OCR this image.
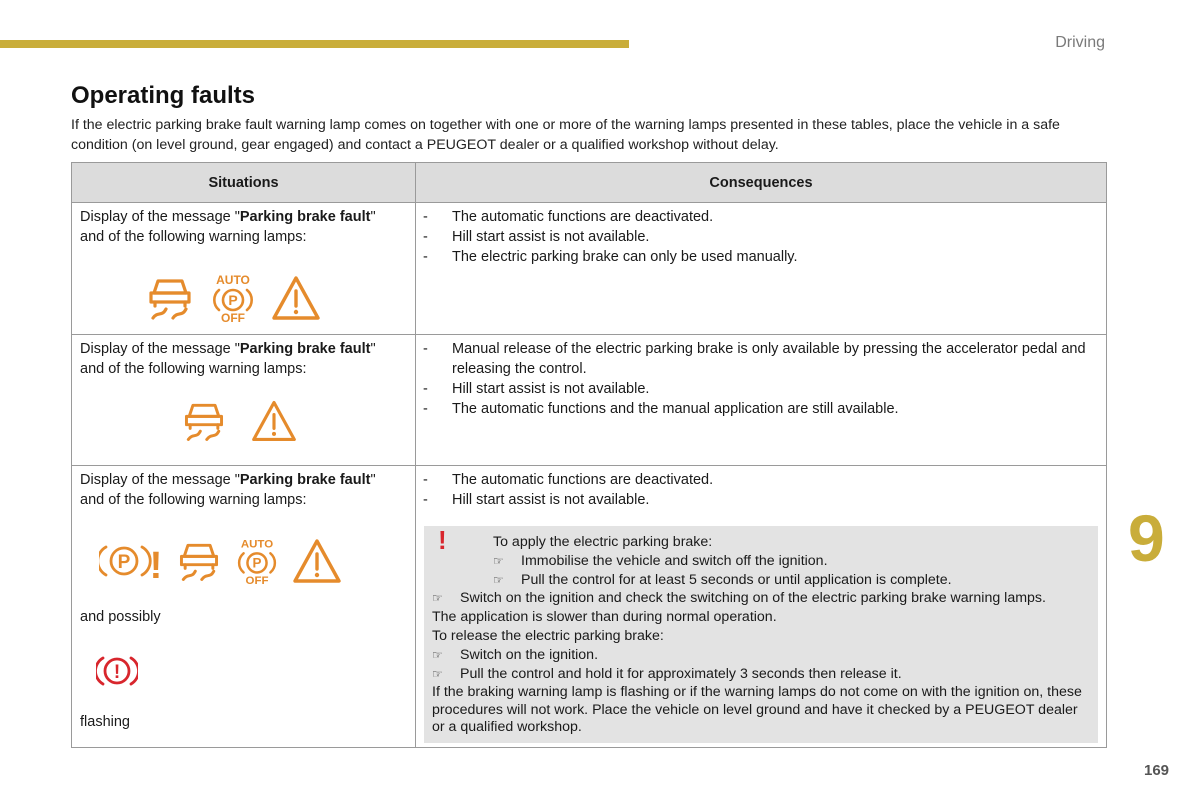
Driving
Operating faults

If the electric parking brake fault warning lamp comes on together with one or more of the warning lamps presented in these tables, place the vehicle in a safe condition (on level ground, gear engaged) and contact a PEUGEOT dealer or a qualified workshop without delay.

Situations	Consequences
Display of the message "Parking brake fault"
and of the following warning lamps:
AUTO
P
OFF
- The automatic functions are deactivated.
- Hill start assist is not available.
- The electric parking brake can only be used manually.
Display of the message "Parking brake fault"
and of the following warning lamps:
- Manual release of the electric parking brake is only available by pressing the accelerator pedal and releasing the control.
- Hill start assist is not available.
- The automatic functions and the manual application are still available.
Display of the message "Parking brake fault"
and of the following warning lamps:
P !
AUTO
P
OFF
and possibly
!
flashing
- The automatic functions are deactivated.
- Hill start assist is not available.
!	To apply the electric parking brake:
☞ Immobilise the vehicle and switch off the ignition.
☞ Pull the control for at least 5 seconds or until application is complete.
☞ Switch on the ignition and check the switching on of the electric parking brake warning lamps.
The application is slower than during normal operation.
To release the electric parking brake:
☞ Switch on the ignition.
☞ Pull the control and hold it for approximately 3 seconds then release it.
If the braking warning lamp is flashing or if the warning lamps do not come on with the ignition on, these procedures will not work. Place the vehicle on level ground and have it checked by a PEUGEOT dealer or a qualified workshop.
9
169
